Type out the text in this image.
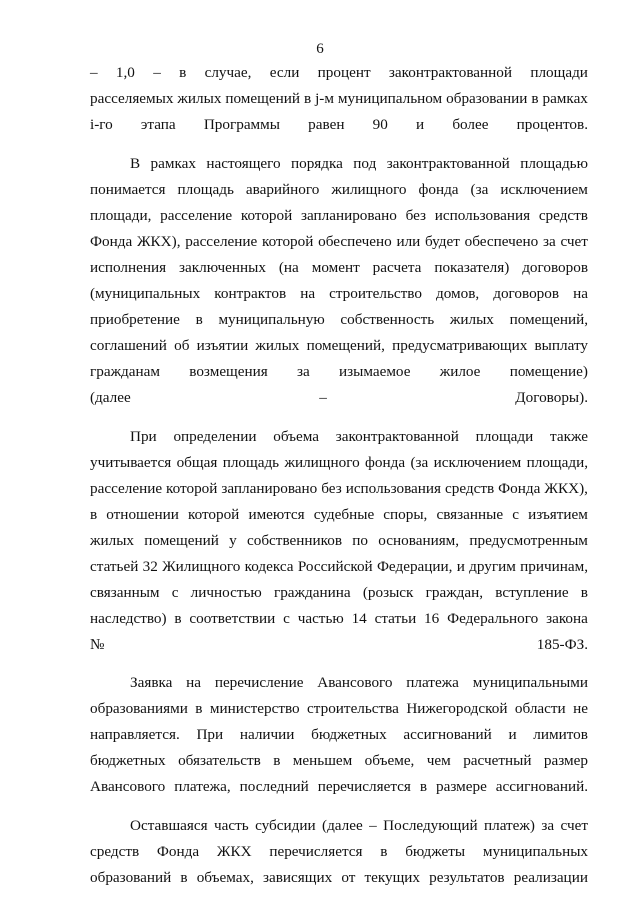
6
– 1,0 – в случае, если процент законтрактованной площади
расселяемых жилых помещений в j-м муниципальном образовании в рамках
i-го этапа Программы равен 90 и более процентов.
В рамках настоящего порядка под законтрактованной площадью
понимается площадь аварийного жилищного фонда (за исключением
площади, расселение которой запланировано без использования средств
Фонда ЖКХ), расселение которой обеспечено или будет обеспечено за счет
исполнения заключенных (на момент расчета показателя) договоров
(муниципальных контрактов на строительство домов, договоров на
приобретение в муниципальную собственность жилых помещений,
соглашений об изъятии жилых помещений, предусматривающих выплату
гражданам возмещения за изымаемое жилое помещение)
(далее – Договоры).
При определении объема законтрактованной площади также
учитывается общая площадь жилищного фонда (за исключением площади,
расселение которой запланировано без использования средств Фонда ЖКХ),
в отношении которой имеются судебные споры, связанные с изъятием
жилых помещений у собственников по основаниям, предусмотренным
статьей 32 Жилищного кодекса Российской Федерации, и другим причинам,
связанным с личностью гражданина (розыск граждан, вступление в
наследство) в соответствии с частью 14 статьи 16 Федерального закона
№ 185-ФЗ.
Заявка на перечисление Авансового платежа муниципальными
образованиями в министерство строительства Нижегородской области не
направляется. При наличии бюджетных ассигнований и лимитов
бюджетных обязательств в меньшем объеме, чем расчетный размер
Авансового платежа, последний перечисляется в размере ассигнований.
Оставшаяся часть субсидии (далее – Последующий платеж) за счет
средств Фонда ЖКХ перечисляется в бюджеты муниципальных
образований в объемах, зависящих от текущих результатов реализации
